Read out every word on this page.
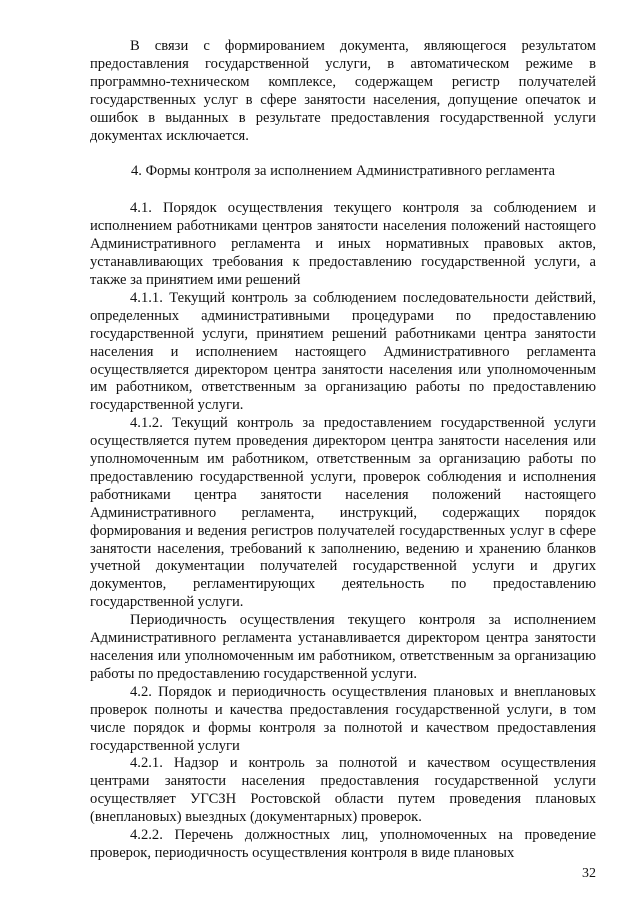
В связи с формированием документа, являющегося результатом предоставления государственной услуги, в автоматическом режиме в программно-техническом комплексе, содержащем регистр получателей государственных услуг в сфере занятости населения, допущение опечаток и ошибок в выданных в результате предоставления государственной услуги документах исключается.

4. Формы контроля за исполнением Административного регламента

4.1. Порядок осуществления текущего контроля за соблюдением и исполнением работниками центров занятости населения положений настоящего Административного регламента и иных нормативных правовых актов, устанавливающих требования к предоставлению государственной услуги, а также за принятием ими решений

4.1.1. Текущий контроль за соблюдением последовательности действий, определенных административными процедурами по предоставлению государственной услуги, принятием решений работниками центра занятости населения и исполнением настоящего Административного регламента осуществляется директором центра занятости населения или уполномоченным им работником, ответственным за организацию работы по предоставлению государственной услуги.

4.1.2. Текущий контроль за предоставлением государственной услуги осуществляется путем проведения директором центра занятости населения или уполномоченным им работником, ответственным за организацию работы по предоставлению государственной услуги, проверок соблюдения и исполнения работниками центра занятости населения положений настоящего Административного регламента, инструкций, содержащих порядок формирования и ведения регистров получателей государственных услуг в сфере занятости населения, требований к заполнению, ведению и хранению бланков учетной документации получателей государственной услуги и других документов, регламентирующих деятельность по предоставлению государственной услуги.

Периодичность осуществления текущего контроля за исполнением Административного регламента устанавливается директором центра занятости населения или уполномоченным им работником, ответственным за организацию работы по предоставлению государственной услуги.

4.2. Порядок и периодичность осуществления плановых и внеплановых проверок полноты и качества предоставления государственной услуги, в том числе порядок и формы контроля за полнотой и качеством предоставления государственной услуги

4.2.1. Надзор и контроль за полнотой и качеством осуществления центрами занятости населения предоставления государственной услуги осуществляет УГСЗН Ростовской области путем проведения плановых (внеплановых) выездных (документарных) проверок.

4.2.2. Перечень должностных лиц, уполномоченных на проведение проверок, периодичность осуществления контроля в виде плановых

32
